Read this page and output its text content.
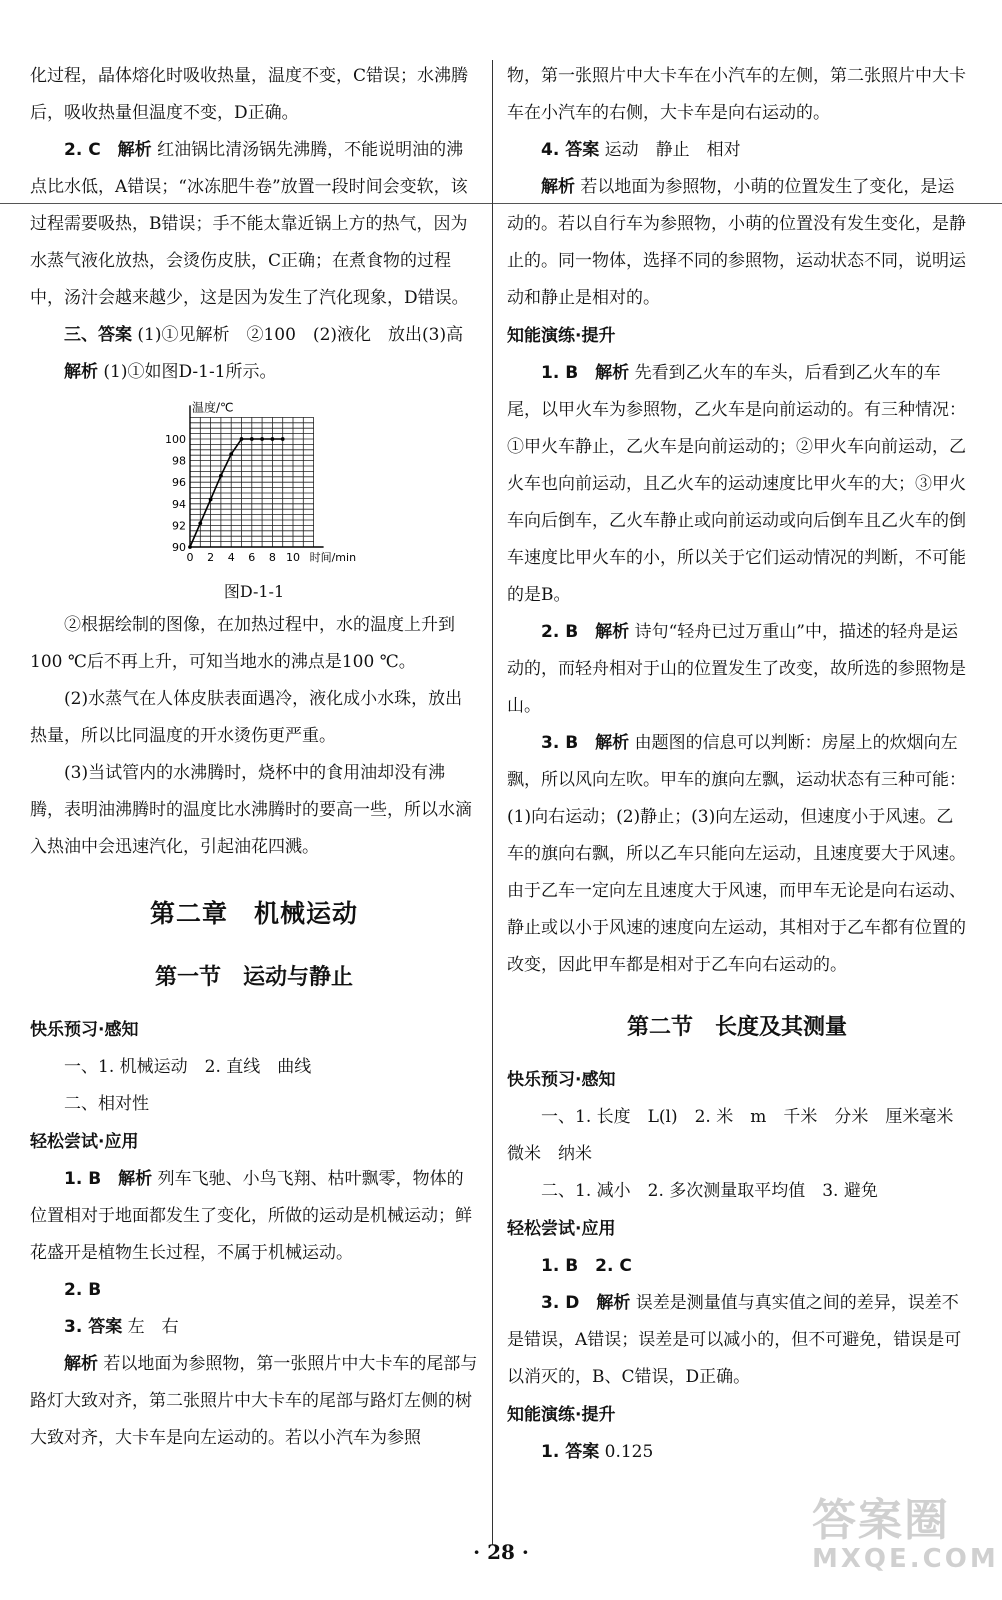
化过程，晶体熔化时吸收热量，温度不变，C错误；水沸腾后，吸收热量但温度不变，D正确。

2. C　解析 红油锅比清汤锅先沸腾，不能说明油的沸点比水低，A错误；“冰冻肥牛卷”放置一段时间会变软，该过程需要吸热，B错误；手不能太靠近锅上方的热气，因为水蒸气液化放热，会烫伤皮肤，C正确；在煮食物的过程中，汤汁会越来越少，这是因为发生了汽化现象，D错误。

三、答案 (1)①见解析　②100　(2)液化　放出(3)高

解析 (1)①如图D-1-1所示。

0 2 4 6 8 10
90
92
94
96
98
100
时间/min
温度/℃
图D-1-1

②根据绘制的图像，在加热过程中，水的温度上升到100 ℃后不再上升，可知当地水的沸点是100 ℃。

(2)水蒸气在人体皮肤表面遇冷，液化成小水珠，放出热量，所以比同温度的开水烫伤更严重。

(3)当试管内的水沸腾时，烧杯中的食用油却没有沸腾，表明油沸腾时的温度比水沸腾时的要高一些，所以水滴入热油中会迅速汽化，引起油花四溅。

第二章　机械运动
第一节　运动与静止

快乐预习·感知

一、1. 机械运动　2. 直线　曲线

二、相对性

轻松尝试·应用

1. B　解析 列车飞驰、小鸟飞翔、枯叶飘零，物体的位置相对于地面都发生了变化，所做的运动是机械运动；鲜花盛开是植物生长过程，不属于机械运动。

2. B

3. 答案 左　右

解析 若以地面为参照物，第一张照片中大卡车的尾部与路灯大致对齐，第二张照片中大卡车的尾部与路灯左侧的树大致对齐，大卡车是向左运动的。若以小汽车为参照

物，第一张照片中大卡车在小汽车的左侧，第二张照片中大卡车在小汽车的右侧，大卡车是向右运动的。

4. 答案 运动　静止　相对

解析 若以地面为参照物，小萌的位置发生了变化，是运动的。若以自行车为参照物，小萌的位置没有发生变化，是静止的。同一物体，选择不同的参照物，运动状态不同，说明运动和静止是相对的。

知能演练·提升

1. B　解析 先看到乙火车的车头，后看到乙火车的车尾，以甲火车为参照物，乙火车是向前运动的。有三种情况：①甲火车静止，乙火车是向前运动的；②甲火车向前运动，乙火车也向前运动，且乙火车的运动速度比甲火车的大；③甲火车向后倒车，乙火车静止或向前运动或向后倒车且乙火车的倒车速度比甲火车的小，所以关于它们运动情况的判断，不可能的是B。

2. B　解析 诗句“轻舟已过万重山”中，描述的轻舟是运动的，而轻舟相对于山的位置发生了改变，故所选的参照物是山。

3. B　解析 由题图的信息可以判断：房屋上的炊烟向左飘，所以风向左吹。甲车的旗向左飘，运动状态有三种可能：(1)向右运动；(2)静止；(3)向左运动，但速度小于风速。乙车的旗向右飘，所以乙车只能向左运动，且速度要大于风速。由于乙车一定向左且速度大于风速，而甲车无论是向右运动、静止或以小于风速的速度向左运动，其相对于乙车都有位置的改变，因此甲车都是相对于乙车向右运动的。

第二节　长度及其测量

快乐预习·感知

一、1. 长度　L(l)　2. 米　m　千米　分米　厘米毫米　微米　纳米

二、1. 减小　2. 多次测量取平均值　3. 避免

轻松尝试·应用

1. B　2. C

3. D　解析 误差是测量值与真实值之间的差异，误差不是错误，A错误；误差是可以减小的，但不可避免，错误是可以消灭的，B、C错误，D正确。

知能演练·提升

1. 答案 0.125

· 28 ·
答案圈
MXQE.COM
